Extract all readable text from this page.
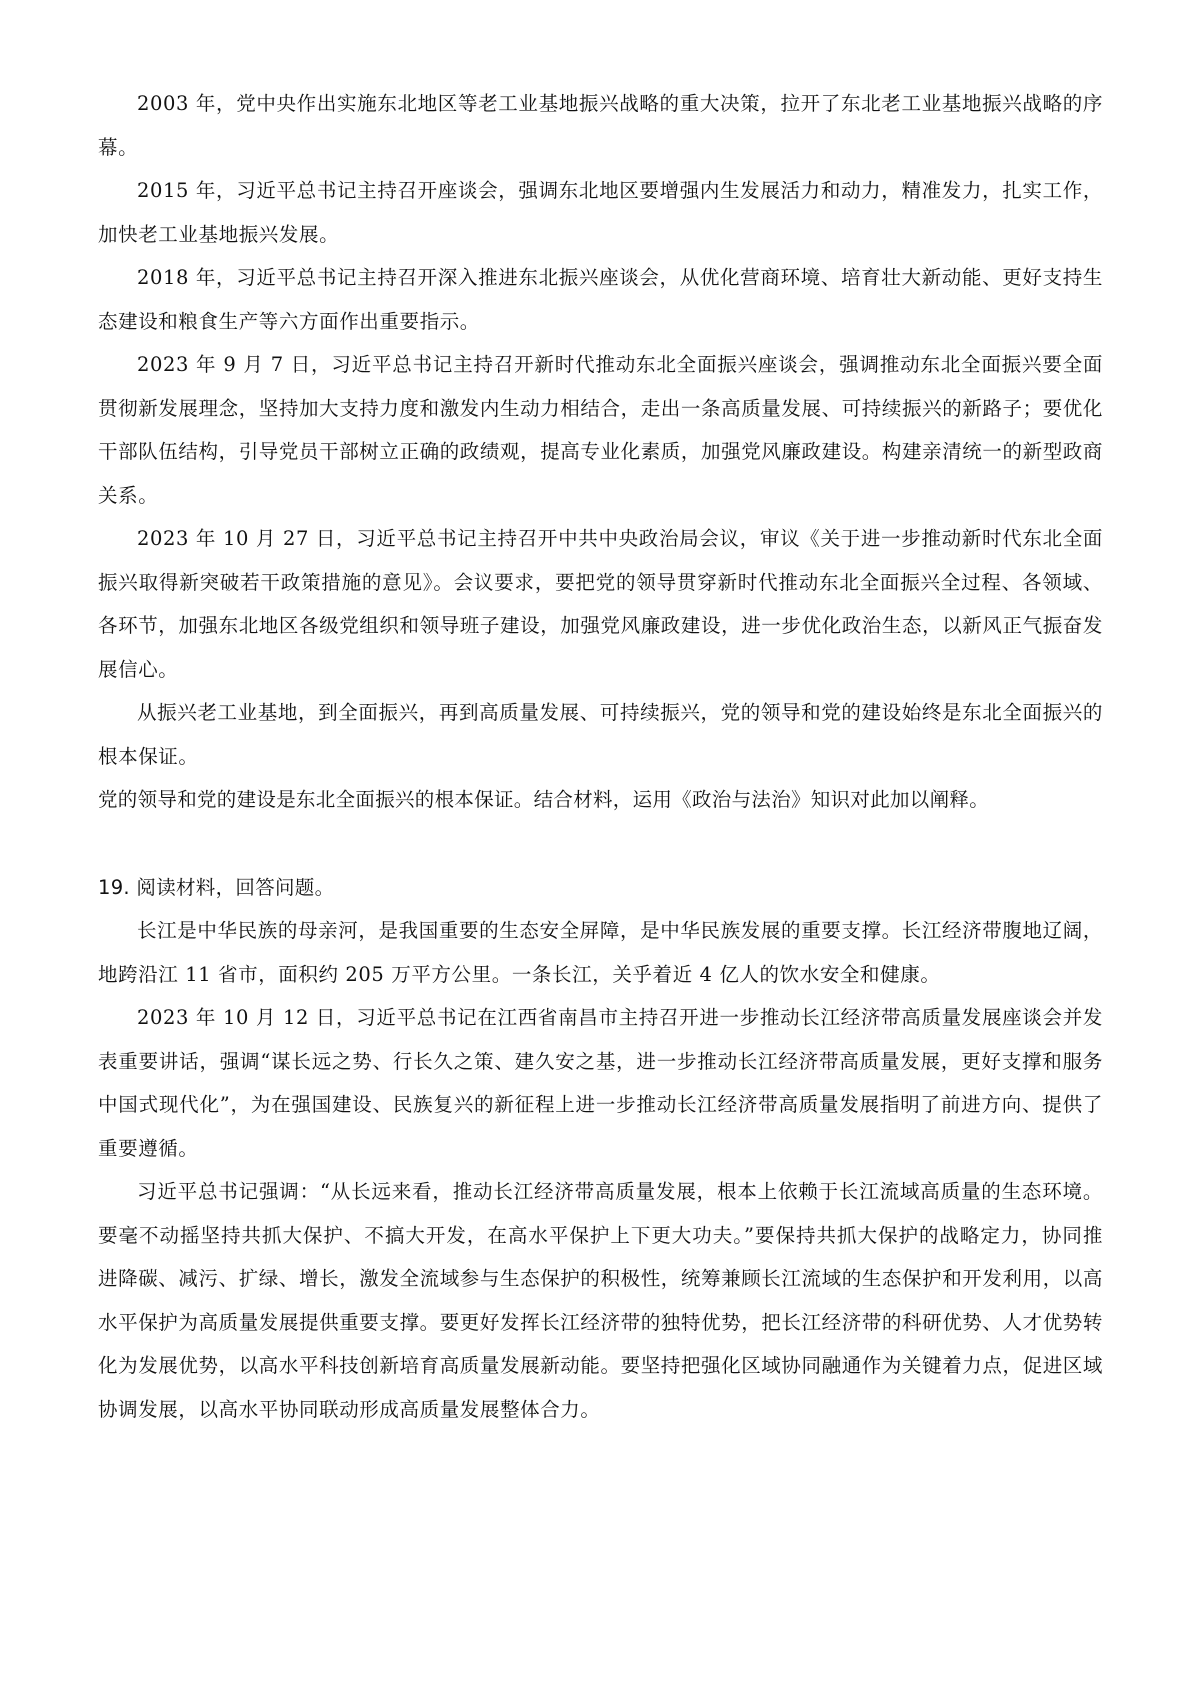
2003 年，党中央作出实施东北地区等老工业基地振兴战略的重大决策，拉开了东北老工业基地振兴战略的序幕。

2015 年，习近平总书记主持召开座谈会，强调东北地区要增强内生发展活力和动力，精准发力，扎实工作，加快老工业基地振兴发展。

2018 年，习近平总书记主持召开深入推进东北振兴座谈会，从优化营商环境、培育壮大新动能、更好支持生态建设和粮食生产等六方面作出重要指示。

2023 年 9 月 7 日，习近平总书记主持召开新时代推动东北全面振兴座谈会，强调推动东北全面振兴要全面贯彻新发展理念，坚持加大支持力度和激发内生动力相结合，走出一条高质量发展、可持续振兴的新路子；要优化干部队伍结构，引导党员干部树立正确的政绩观，提高专业化素质，加强党风廉政建设。构建亲清统一的新型政商关系。

2023 年 10 月 27 日，习近平总书记主持召开中共中央政治局会议，审议《关于进一步推动新时代东北全面振兴取得新突破若干政策措施的意见》。会议要求，要把党的领导贯穿新时代推动东北全面振兴全过程、各领域、各环节，加强东北地区各级党组织和领导班子建设，加强党风廉政建设，进一步优化政治生态，以新风正气振奋发展信心。

从振兴老工业基地，到全面振兴，再到高质量发展、可持续振兴，党的领导和党的建设始终是东北全面振兴的根本保证。

党的领导和党的建设是东北全面振兴的根本保证。结合材料，运用《政治与法治》知识对此加以阐释。

19. 阅读材料，回答问题。

长江是中华民族的母亲河，是我国重要的生态安全屏障，是中华民族发展的重要支撑。长江经济带腹地辽阔，地跨沿江 11 省市，面积约 205 万平方公里。一条长江，关乎着近 4 亿人的饮水安全和健康。

2023 年 10 月 12 日，习近平总书记在江西省南昌市主持召开进一步推动长江经济带高质量发展座谈会并发表重要讲话，强调“谋长远之势、行长久之策、建久安之基，进一步推动长江经济带高质量发展，更好支撑和服务中国式现代化”，为在强国建设、民族复兴的新征程上进一步推动长江经济带高质量发展指明了前进方向、提供了重要遵循。

习近平总书记强调：“从长远来看，推动长江经济带高质量发展，根本上依赖于长江流域高质量的生态环境。要毫不动摇坚持共抓大保护、不搞大开发，在高水平保护上下更大功夫。”要保持共抓大保护的战略定力，协同推进降碳、减污、扩绿、增长，激发全流域参与生态保护的积极性，统筹兼顾长江流域的生态保护和开发利用，以高水平保护为高质量发展提供重要支撑。要更好发挥长江经济带的独特优势，把长江经济带的科研优势、人才优势转化为发展优势，以高水平科技创新培育高质量发展新动能。要坚持把强化区域协同融通作为关键着力点，促进区域协调发展，以高水平协同联动形成高质量发展整体合力。
